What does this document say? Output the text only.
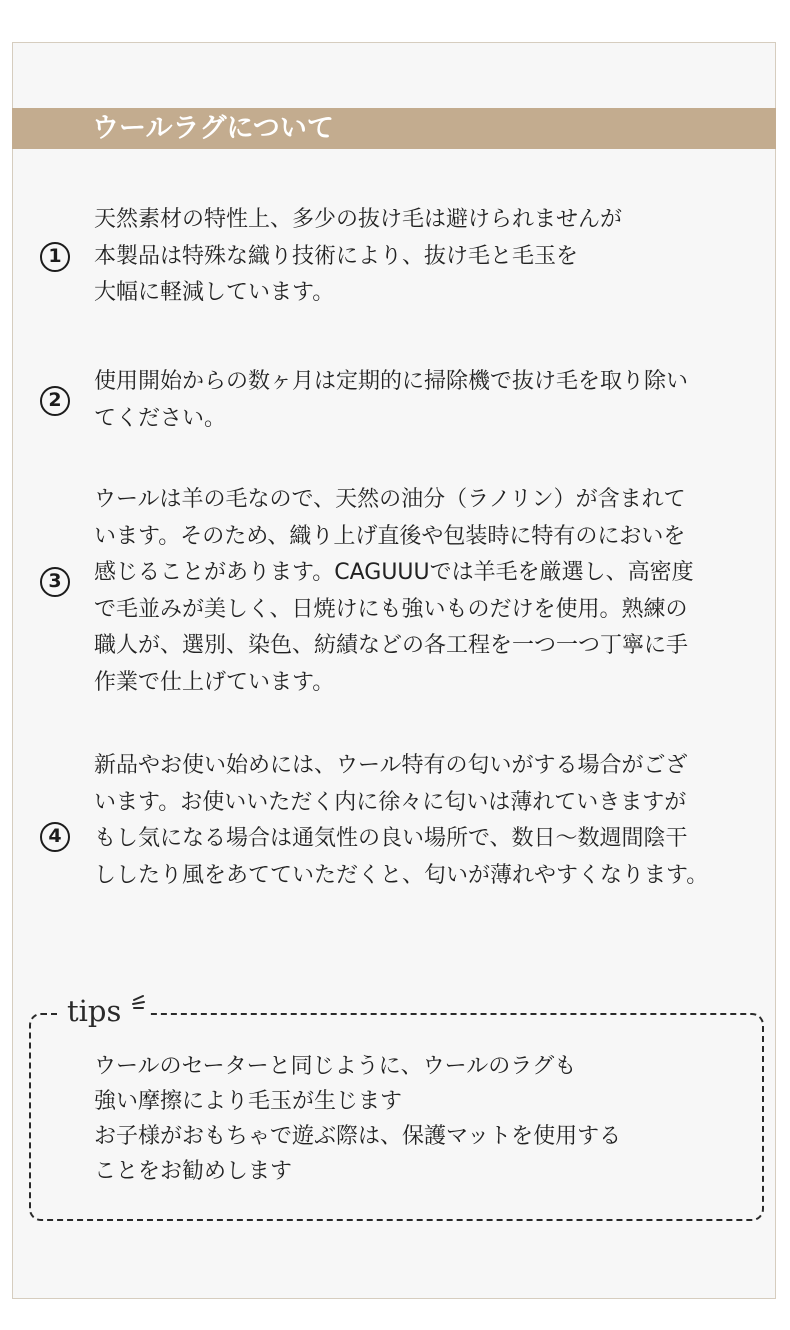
ウールラグについて
1

天然素材の特性上、多少の抜け毛は避けられませんが
本製品は特殊な織り技術により、抜け毛と毛玉を
大幅に軽減しています。

2

使用開始からの数ヶ月は定期的に掃除機で抜け毛を取り除い
てください。

3

ウールは羊の毛なので、天然の油分（ラノリン）が含まれて
います。そのため、織り上げ直後や包装時に特有のにおいを
感じることがあります。CAGUUUでは羊毛を厳選し、高密度
で毛並みが美しく、日焼けにも強いものだけを使用。熟練の
職人が、選別、染色、紡績などの各工程を一つ一つ丁寧に手
作業で仕上げています。

4

新品やお使い始めには、ウール特有の匂いがする場合がござ
います。お使いいただく内に徐々に匂いは薄れていきますが
もし気になる場合は通気性の良い場所で、数日～数週間陰干
ししたり風をあてていただくと、匂いが薄れやすくなります。

tips

ウールのセーターと同じように、ウールのラグも
強い摩擦により毛玉が生じます
お子様がおもちゃで遊ぶ際は、保護マットを使用する
ことをお勧めします
